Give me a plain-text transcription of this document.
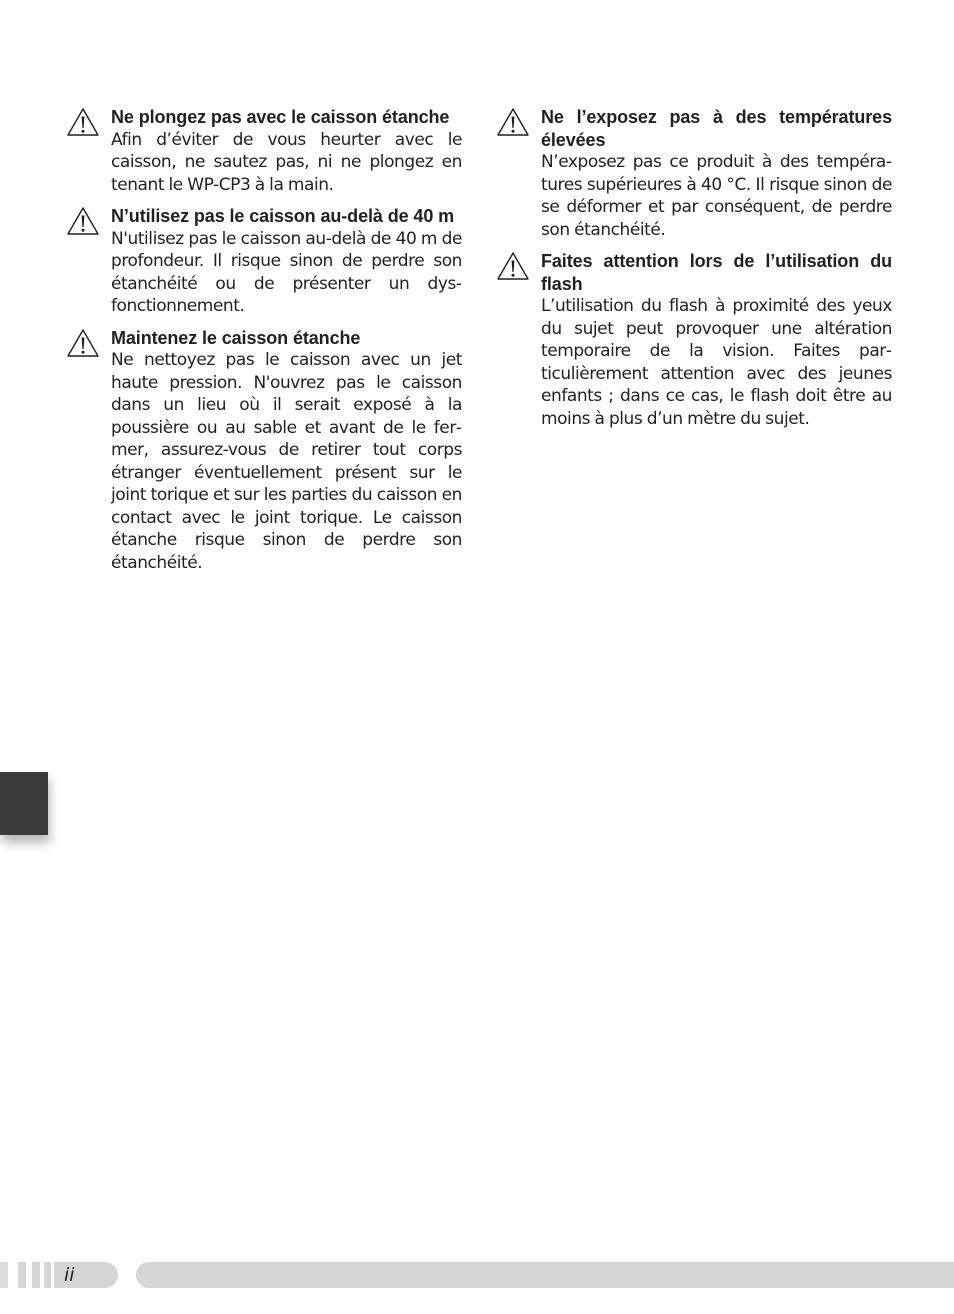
Ne plongez pas avec le caisson étanche
Afin d’éviter de vous heurter avec le caisson, ne sautez pas, ni ne plongez en tenant le WP-CP3 à la main.
N’utilisez pas le caisson au-delà de 40 m
N'utilisez pas le caisson au-delà de 40 m de profondeur. Il risque sinon de perdre son étanchéité ou de présenter un dysfonctionnement.
Maintenez le caisson étanche
Ne nettoyez pas le caisson avec un jet haute pression. N'ouvrez pas le caisson dans un lieu où il serait exposé à la poussière ou au sable et avant de le fermer, assurez-vous de retirer tout corps étranger éventuellement présent sur le joint torique et sur les parties du caisson en contact avec le joint torique. Le caisson étanche risque sinon de perdre son étanchéité.
Ne l’exposez pas à des températures élevées
N’exposez pas ce produit à des températures supérieures à 40 °C. Il risque sinon de se déformer et par conséquent, de perdre son étanchéité.
Faites attention lors de l’utilisation du flash
L’utilisation du flash à proximité des yeux du sujet peut provoquer une altération temporaire de la vision. Faites particulièrement attention avec des jeunes enfants ; dans ce cas, le flash doit être au moins à plus d’un mètre du sujet.
ii
